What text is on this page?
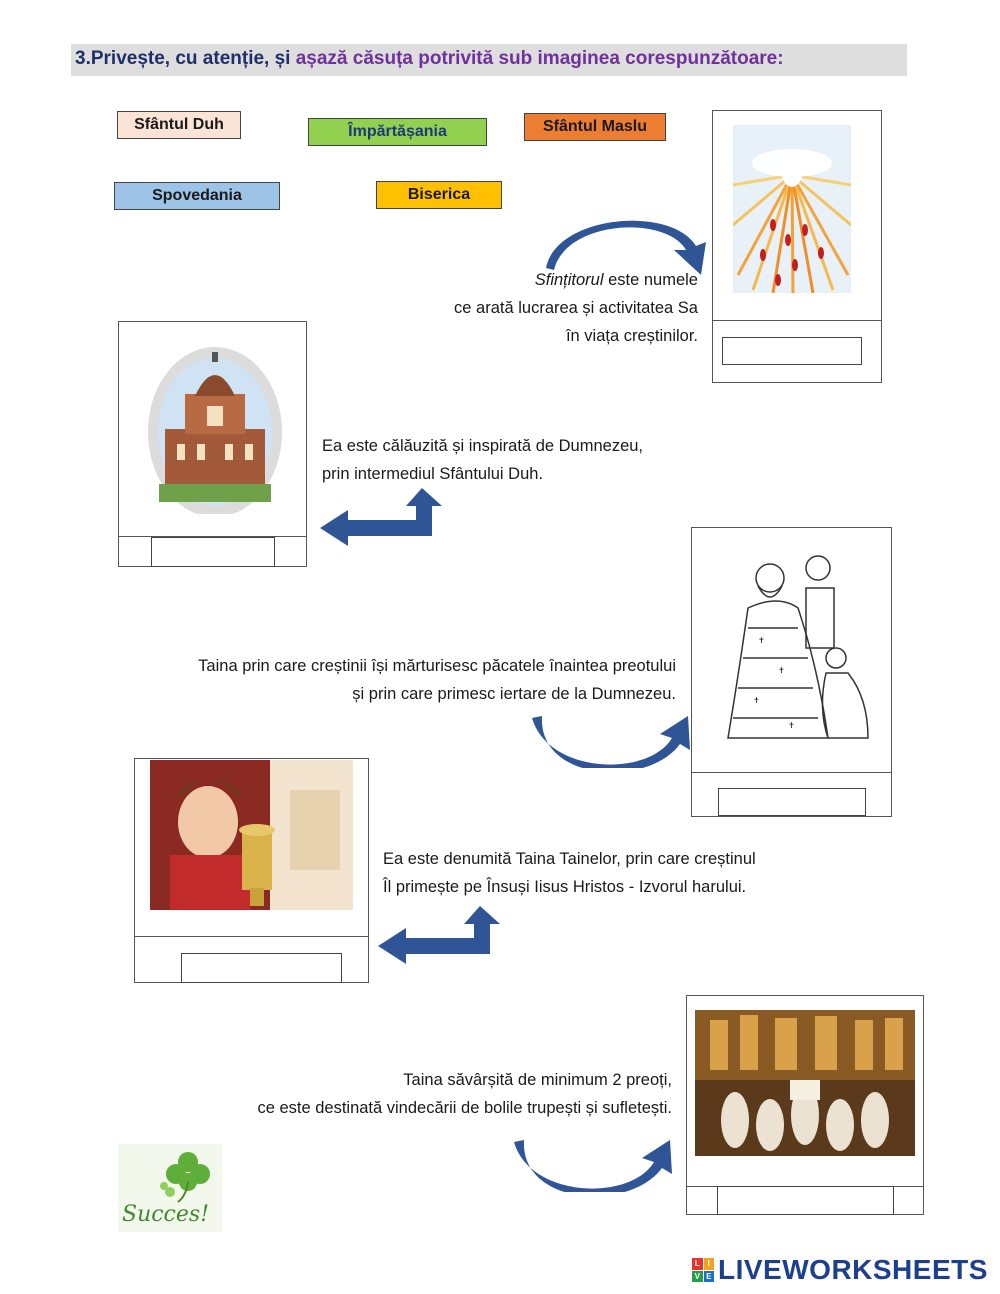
3.Privește, cu atenție, și așază căsuța potrivită sub imaginea corespunzătoare:
Sfântul Duh	Împărtășania	Sfântul Maslu
Spovedania	Biserica
Sfințitorul este numele
ce arată lucrarea și activitatea Sa
în viața creștinilor.
Ea este călăuzită și inspirată de Dumnezeu,
prin intermediul Sfântului Duh.
✝
✝
✝
✝
Taina prin care creștinii își mărturisesc păcatele înaintea preotului
și prin care primesc iertare de la Dumnezeu.
Ea este denumită Taina Tainelor, prin care creștinul
Îl primește pe Însuși Iisus Hristos - Izvorul harului.
Taina săvârșită de minimum 2 preoți,
ce este destinată vindecării de bolile trupești și sufletești.
Succes!
L I
V E LIVEWORKSHEETS
